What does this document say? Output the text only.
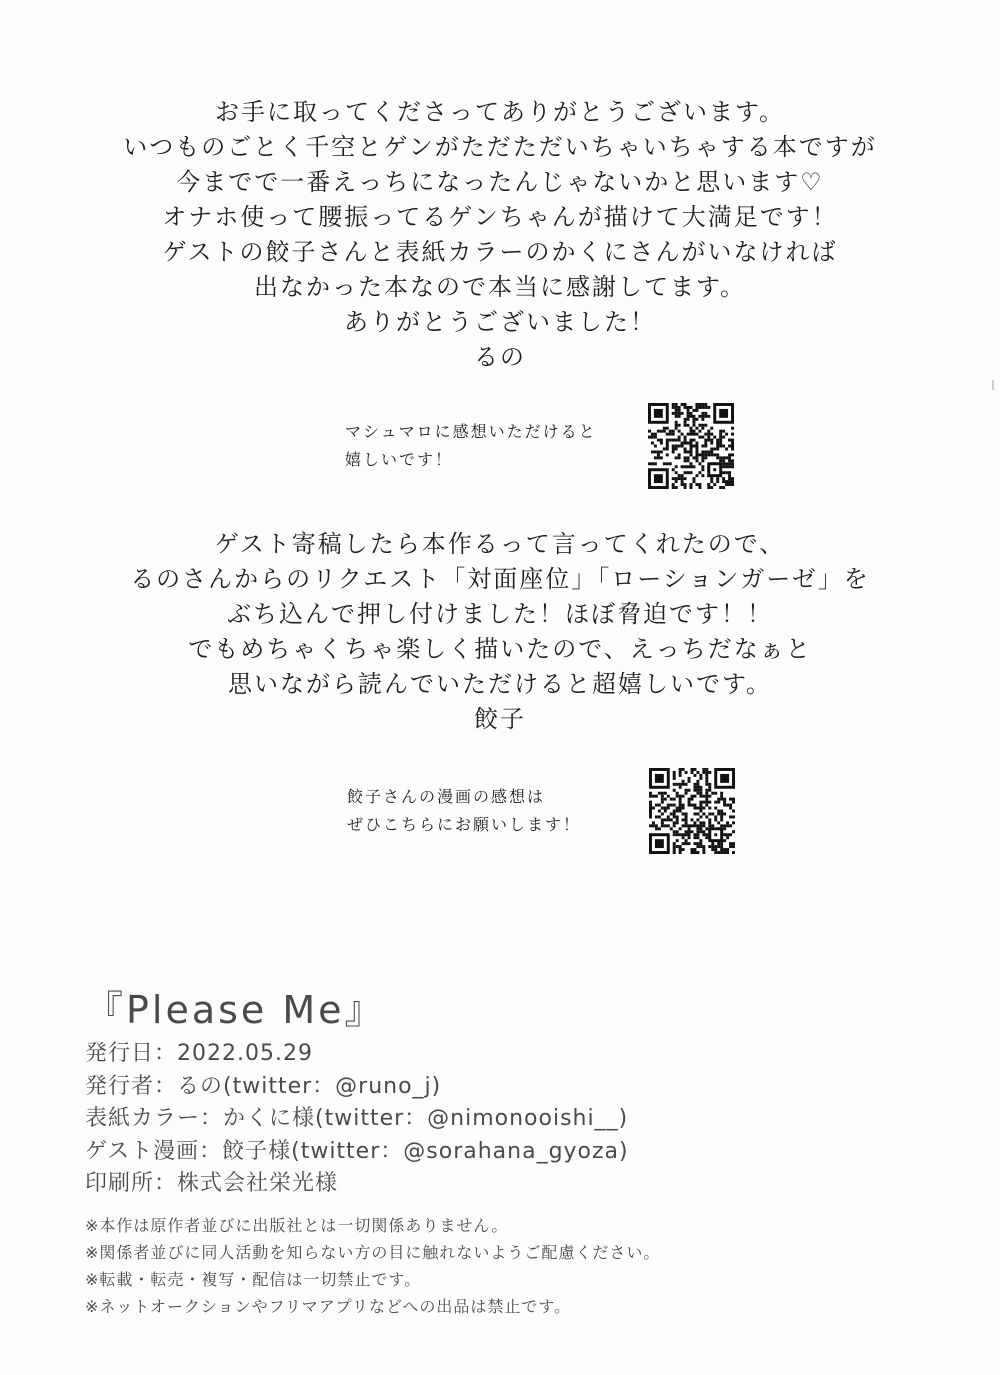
お手に取ってくださってありがとうございます。
いつものごとく千空とゲンがただただいちゃいちゃする本ですが
今までで一番えっちになったんじゃないかと思います♡
オナホ使って腰振ってるゲンちゃんが描けて大満足です！
ゲストの餃子さんと表紙カラーのかくにさんがいなければ
出なかった本なので本当に感謝してます。
ありがとうございました！
るの
マシュマロに感想いただけると
嬉しいです！
ゲスト寄稿したら本作るって言ってくれたので、
るのさんからのリクエスト「対面座位」「ローションガーゼ」を
ぶち込んで押し付けました！ほぼ脅迫です！！
でもめちゃくちゃ楽しく描いたので、えっちだなぁと
思いながら読んでいただけると超嬉しいです。
餃子
餃子さんの漫画の感想は
ぜひこちらにお願いします！
『Please Me』
発行日：2022.05.29
発行者：るの(twitter：@runo_j)
表紙カラー：かくに様(twitter：@nimonooishi__)
ゲスト漫画：餃子様(twitter：@sorahana_gyoza)
印刷所：株式会社栄光様
※本作は原作者並びに出版社とは一切関係ありません。
※関係者並びに同人活動を知らない方の目に触れないようご配慮ください。
※転載・転売・複写・配信は一切禁止です。
※ネットオークションやフリマアプリなどへの出品は禁止です。
